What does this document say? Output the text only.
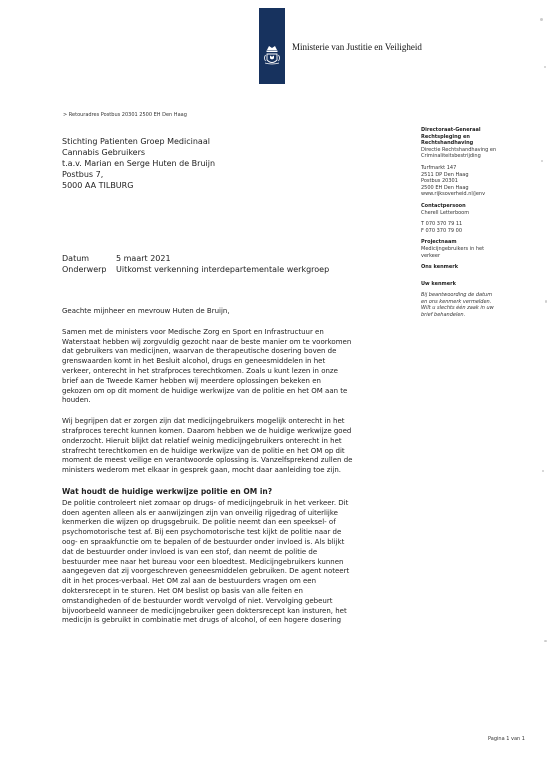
Ministerie van Justitie en Veiligheid
> Retouradres Postbus 20301 2500 EH Den Haag
Stichting Patienten Groep Medicinaal
Cannabis Gebruikers
t.a.v. Marian en Serge Huten de Bruijn
Postbus 7,
5000 AA TILBURG
Directoraat-Generaal
Rechtspleging en
Rechtshandhaving
Directie Rechtshandhaving en
Criminaliteitsbestrijding
Turfmarkt 147
2511 DP Den Haag
Postbus 20301
2500 EH Den Haag
www.rijksoverheid.nl/jenv
Contactpersoon
Cherell Letterboom
T 070 370 79 11
F 070 370 79 00
Projectnaam
Medicijngebruikers in het
verkeer
Ons kenmerk
Uw kenmerk
Bij beantwoording de datum
en ons kenmerk vermelden.
Wilt u slechts één zaak in uw
brief behandelen.
Datum	5 maart 2021
Onderwerp	Uitkomst verkenning interdepartementale werkgroep
Geachte mijnheer en mevrouw Huten de Bruijn,

Samen met de ministers voor Medische Zorg en Sport en Infrastructuur en
Waterstaat hebben wij zorgvuldig gezocht naar de beste manier om te voorkomen
dat gebruikers van medicijnen, waarvan de therapeutische dosering boven de
grenswaarden komt in het Besluit alcohol, drugs en geneesmiddelen in het
verkeer, onterecht in het strafproces terechtkomen. Zoals u kunt lezen in onze
brief aan de Tweede Kamer hebben wij meerdere oplossingen bekeken en
gekozen om op dit moment de huidige werkwijze van de politie en het OM aan te
houden.

Wij begrijpen dat er zorgen zijn dat medicijngebruikers mogelijk onterecht in het
strafproces terecht kunnen komen. Daarom hebben we de huidige werkwijze goed
onderzocht. Hieruit blijkt dat relatief weinig medicijngebruikers onterecht in het
strafrecht terechtkomen en de huidige werkwijze van de politie en het OM op dit
moment de meest veilige en verantwoorde oplossing is. Vanzelfsprekend zullen de
ministers wederom met elkaar in gesprek gaan, mocht daar aanleiding toe zijn.

Wat houdt de huidige werkwijze politie en OM in?

De politie controleert niet zomaar op drugs- of medicijngebruik in het verkeer. Dit
doen agenten alleen als er aanwijzingen zijn van onveilig rijgedrag of uiterlijke
kenmerken die wijzen op drugsgebruik. De politie neemt dan een speeksel- of
psychomotorische test af. Bij een psychomotorische test kijkt de politie naar de
oog- en spraakfunctie om te bepalen of de bestuurder onder invloed is. Als blijkt
dat de bestuurder onder invloed is van een stof, dan neemt de politie de
bestuurder mee naar het bureau voor een bloedtest. Medicijngebruikers kunnen
aangegeven dat zij voorgeschreven geneesmiddelen gebruiken. De agent noteert
dit in het proces-verbaal. Het OM zal aan de bestuurders vragen om een
doktersrecept in te sturen. Het OM beslist op basis van alle feiten en
omstandigheden of de bestuurder wordt vervolgd of niet. Vervolging gebeurt
bijvoorbeeld wanneer de medicijngebruiker geen doktersrecept kan insturen, het
medicijn is gebruikt in combinatie met drugs of alcohol, of een hogere dosering

Pagina 1 van 1
